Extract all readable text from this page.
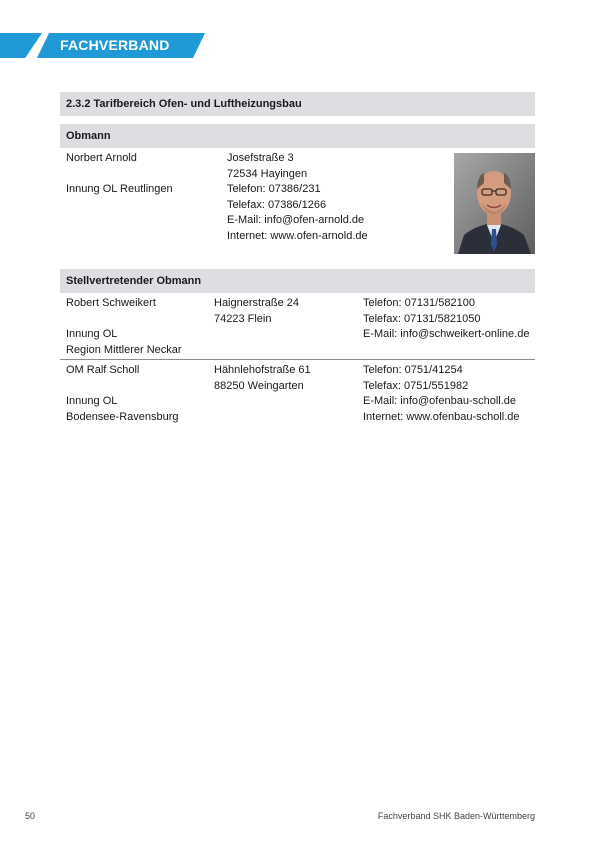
FACHVERBAND
2.3.2 Tarifbereich Ofen- und Luftheizungsbau
Obmann
Norbert Arnold
Innung OL Reutlingen
Josefstraße 3
72534 Hayingen
Telefon: 07386/231
Telefax: 07386/1266
E-Mail: info@ofen-arnold.de
Internet: www.ofen-arnold.de
Stellvertretender Obmann
Robert Schweikert
Innung OL
Region Mittlerer Neckar
Haignerstraße 24
74223 Flein
Telefon: 07131/582100
Telefax: 07131/5821050
E-Mail: info@schweikert-online.de
OM Ralf Scholl
Innung OL
Bodensee-Ravensburg
Hähnlehofstraße 61
88250 Weingarten
Telefon: 0751/41254
Telefax: 0751/551982
E-Mail: info@ofenbau-scholl.de
Internet: www.ofenbau-scholl.de
50	Fachverband SHK Baden-Württemberg
